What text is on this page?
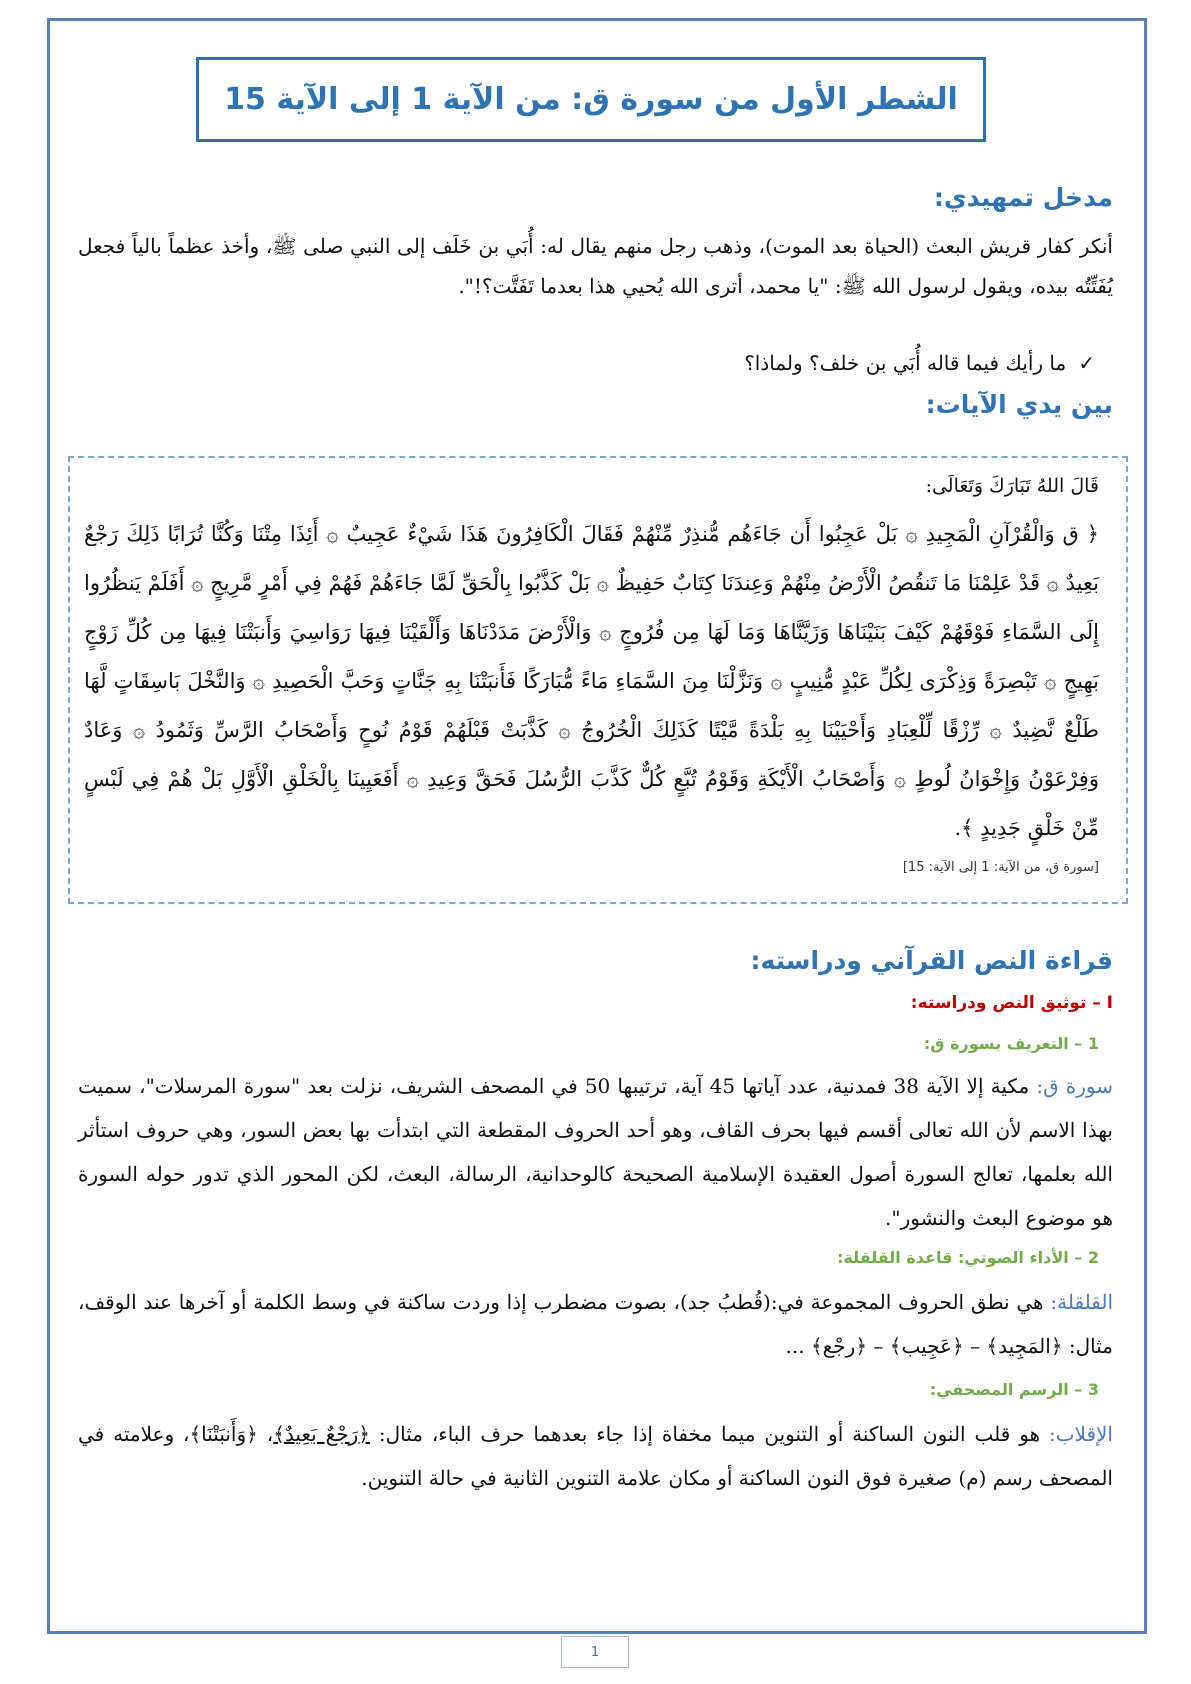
الشطر الأول من سورة ق: من الآية 1 إلى الآية 15
مدخل تمهيدي:
أنكر كفار قريش البعث (الحياة بعد الموت)، وذهب رجل منهم يقال له: أُبَي بن خَلَف إلى النبي صلى ﷺ، وأخذ عظماً بالياً فجعل يُفَتِّتُه بيده، ويقول لرسول الله ﷺ: "يا محمد، أترى الله يُحيي هذا بعدما تَفَتَّت؟!".
✓ما رأيك فيما قاله أُبَي بن خلف؟ ولماذا؟
بين يدي الآيات:
قَالَ اللهُ تَبَارَكَ وَتَعَالَى:
﴿ ق وَالْقُرْآنِ الْمَجِيدِ ۞ بَلْ عَجِبُوا أَن جَاءَهُم مُّنذِرٌ مِّنْهُمْ فَقَالَ الْكَافِرُونَ هَذَا شَيْءٌ عَجِيبٌ ۞ أَئِذَا مِتْنَا وَكُنَّا تُرَابًا ذَلِكَ رَجْعٌ بَعِيدٌ ۞ قَدْ عَلِمْنَا مَا تَنقُصُ الْأَرْضُ مِنْهُمْ وَعِندَنَا كِتَابٌ حَفِيظٌ ۞ بَلْ كَذَّبُوا بِالْحَقِّ لَمَّا جَاءَهُمْ فَهُمْ فِي أَمْرٍ مَّرِيجٍ ۞ أَفَلَمْ يَنظُرُوا إِلَى السَّمَاءِ فَوْقَهُمْ كَيْفَ بَنَيْنَاهَا وَزَيَّنَّاهَا وَمَا لَهَا مِن فُرُوجٍ ۞ وَالْأَرْضَ مَدَدْنَاهَا وَأَلْقَيْنَا فِيهَا رَوَاسِيَ وَأَنبَتْنَا فِيهَا مِن كُلِّ زَوْجٍ بَهِيجٍ ۞ تَبْصِرَةً وَذِكْرَى لِكُلِّ عَبْدٍ مُّنِيبٍ ۞ وَنَزَّلْنَا مِنَ السَّمَاءِ مَاءً مُّبَارَكًا فَأَنبَتْنَا بِهِ جَنَّاتٍ وَحَبَّ الْحَصِيدِ ۞ وَالنَّخْلَ بَاسِقَاتٍ لَّهَا طَلْعٌ نَّضِيدٌ ۞ رِّزْقًا لِّلْعِبَادِ وَأَحْيَيْنَا بِهِ بَلْدَةً مَّيْتًا كَذَلِكَ الْخُرُوجُ ۞ كَذَّبَتْ قَبْلَهُمْ قَوْمُ نُوحٍ وَأَصْحَابُ الرَّسِّ وَثَمُودُ ۞ وَعَادٌ وَفِرْعَوْنُ وَإِخْوَانُ لُوطٍ ۞ وَأَصْحَابُ الْأَيْكَةِ وَقَوْمُ تُبَّعٍ كُلٌّ كَذَّبَ الرُّسُلَ فَحَقَّ وَعِيدِ ۞ أَفَعَيِينَا بِالْخَلْقِ الْأَوَّلِ بَلْ هُمْ فِي لَبْسٍ مِّنْ خَلْقٍ جَدِيدٍ ﴾.
[سورة ق، من الآية: 1 إلى الآية: 15]
قراءة النص القرآني ودراسته:
I – توثيق النص ودراسته:
1 – التعريف بسورة ق:
سورة ق: مكية إلا الآية 38 فمدنية، عدد آياتها 45 آية، ترتيبها 50 في المصحف الشريف، نزلت بعد "سورة المرسلات"، سميت بهذا الاسم لأن الله تعالى أقسم فيها بحرف القاف، وهو أحد الحروف المقطعة التي ابتدأت بها بعض السور، وهي حروف استأثر الله بعلمها، تعالج السورة أصول العقيدة الإسلامية الصحيحة كالوحدانية، الرسالة، البعث، لكن المحور الذي تدور حوله السورة هو موضوع البعث والنشور".
2 – الأداء الصوتي: قاعدة القلقلة:
القلقلة: هي نطق الحروف المجموعة في:(قُطبُ جد)، بصوت مضطرب إذا وردت ساكنة في وسط الكلمة أو آخرها عند الوقف، مثال: ﴿المَجِيد﴾ – ﴿عَجِيب﴾ – ﴿رجْع﴾ ...
3 – الرسم المصحفي:
الإقلاب: هو قلب النون الساكنة أو التنوين ميما مخفاة إذا جاء بعدهما حرف الباء، مثال: ﴿رَجْعٌ بَعِيدٌ﴾، ﴿وَأَنبَتْنَا﴾، وعلامته في المصحف رسم (م) صغيرة فوق النون الساكنة أو مكان علامة التنوين الثانية في حالة التنوين.
1
